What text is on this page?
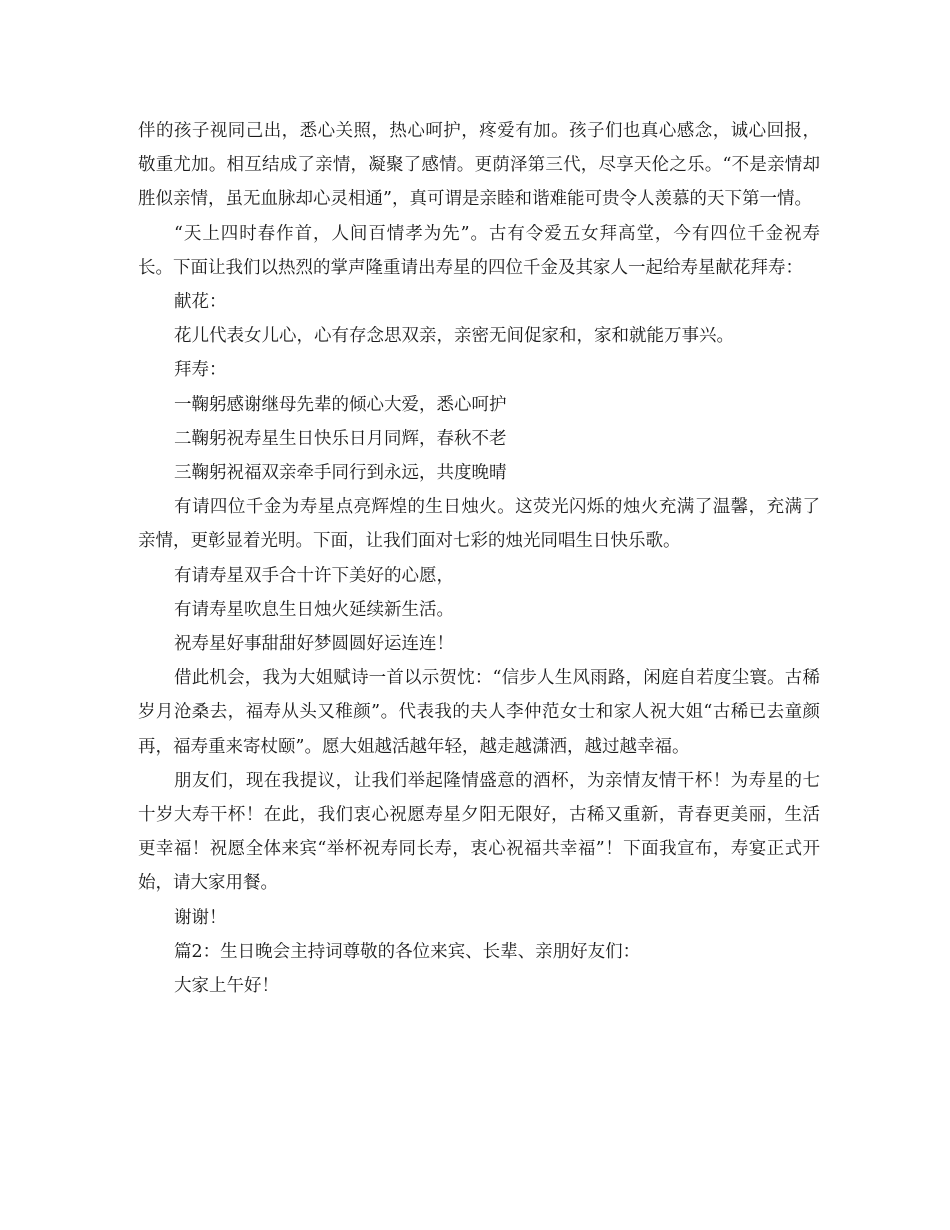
伴的孩子视同己出，悉心关照，热心呵护，疼爱有加。孩子们也真心感念，诚心回报，敬重尤加。相互结成了亲情，凝聚了感情。更荫泽第三代，尽享天伦之乐。“不是亲情却胜似亲情，虽无血脉却心灵相通”，真可谓是亲睦和谐难能可贵令人羡慕的天下第一情。

“天上四时春作首，人间百情孝为先”。古有令爱五女拜高堂，今有四位千金祝寿长。下面让我们以热烈的掌声隆重请出寿星的四位千金及其家人一起给寿星献花拜寿：

献花：

花儿代表女儿心，心有存念思双亲，亲密无间促家和，家和就能万事兴。

拜寿：

一鞠躬感谢继母先辈的倾心大爱，悉心呵护

二鞠躬祝寿星生日快乐日月同辉，春秋不老

三鞠躬祝福双亲牵手同行到永远，共度晚晴

有请四位千金为寿星点亮辉煌的生日烛火。这荧光闪烁的烛火充满了温馨，充满了亲情，更彰显着光明。下面，让我们面对七彩的烛光同唱生日快乐歌。

有请寿星双手合十许下美好的心愿，

有请寿星吹息生日烛火延续新生活。

祝寿星好事甜甜好梦圆圆好运连连！

借此机会，我为大姐赋诗一首以示贺忱：“信步人生风雨路，闲庭自若度尘寰。古稀岁月沧桑去，福寿从头又稚颜”。代表我的夫人李仲范女士和家人祝大姐“古稀已去童颜再，福寿重来寄杖颐”。愿大姐越活越年轻，越走越潇洒，越过越幸福。

朋友们，现在我提议，让我们举起隆情盛意的酒杯，为亲情友情干杯！为寿星的七十岁大寿干杯！在此，我们衷心祝愿寿星夕阳无限好，古稀又重新，青春更美丽，生活更幸福！祝愿全体来宾“举杯祝寿同长寿，衷心祝福共幸福”！下面我宣布，寿宴正式开始，请大家用餐。

谢谢！

篇2：生日晚会主持词尊敬的各位来宾、长辈、亲朋好友们：

大家上午好！
